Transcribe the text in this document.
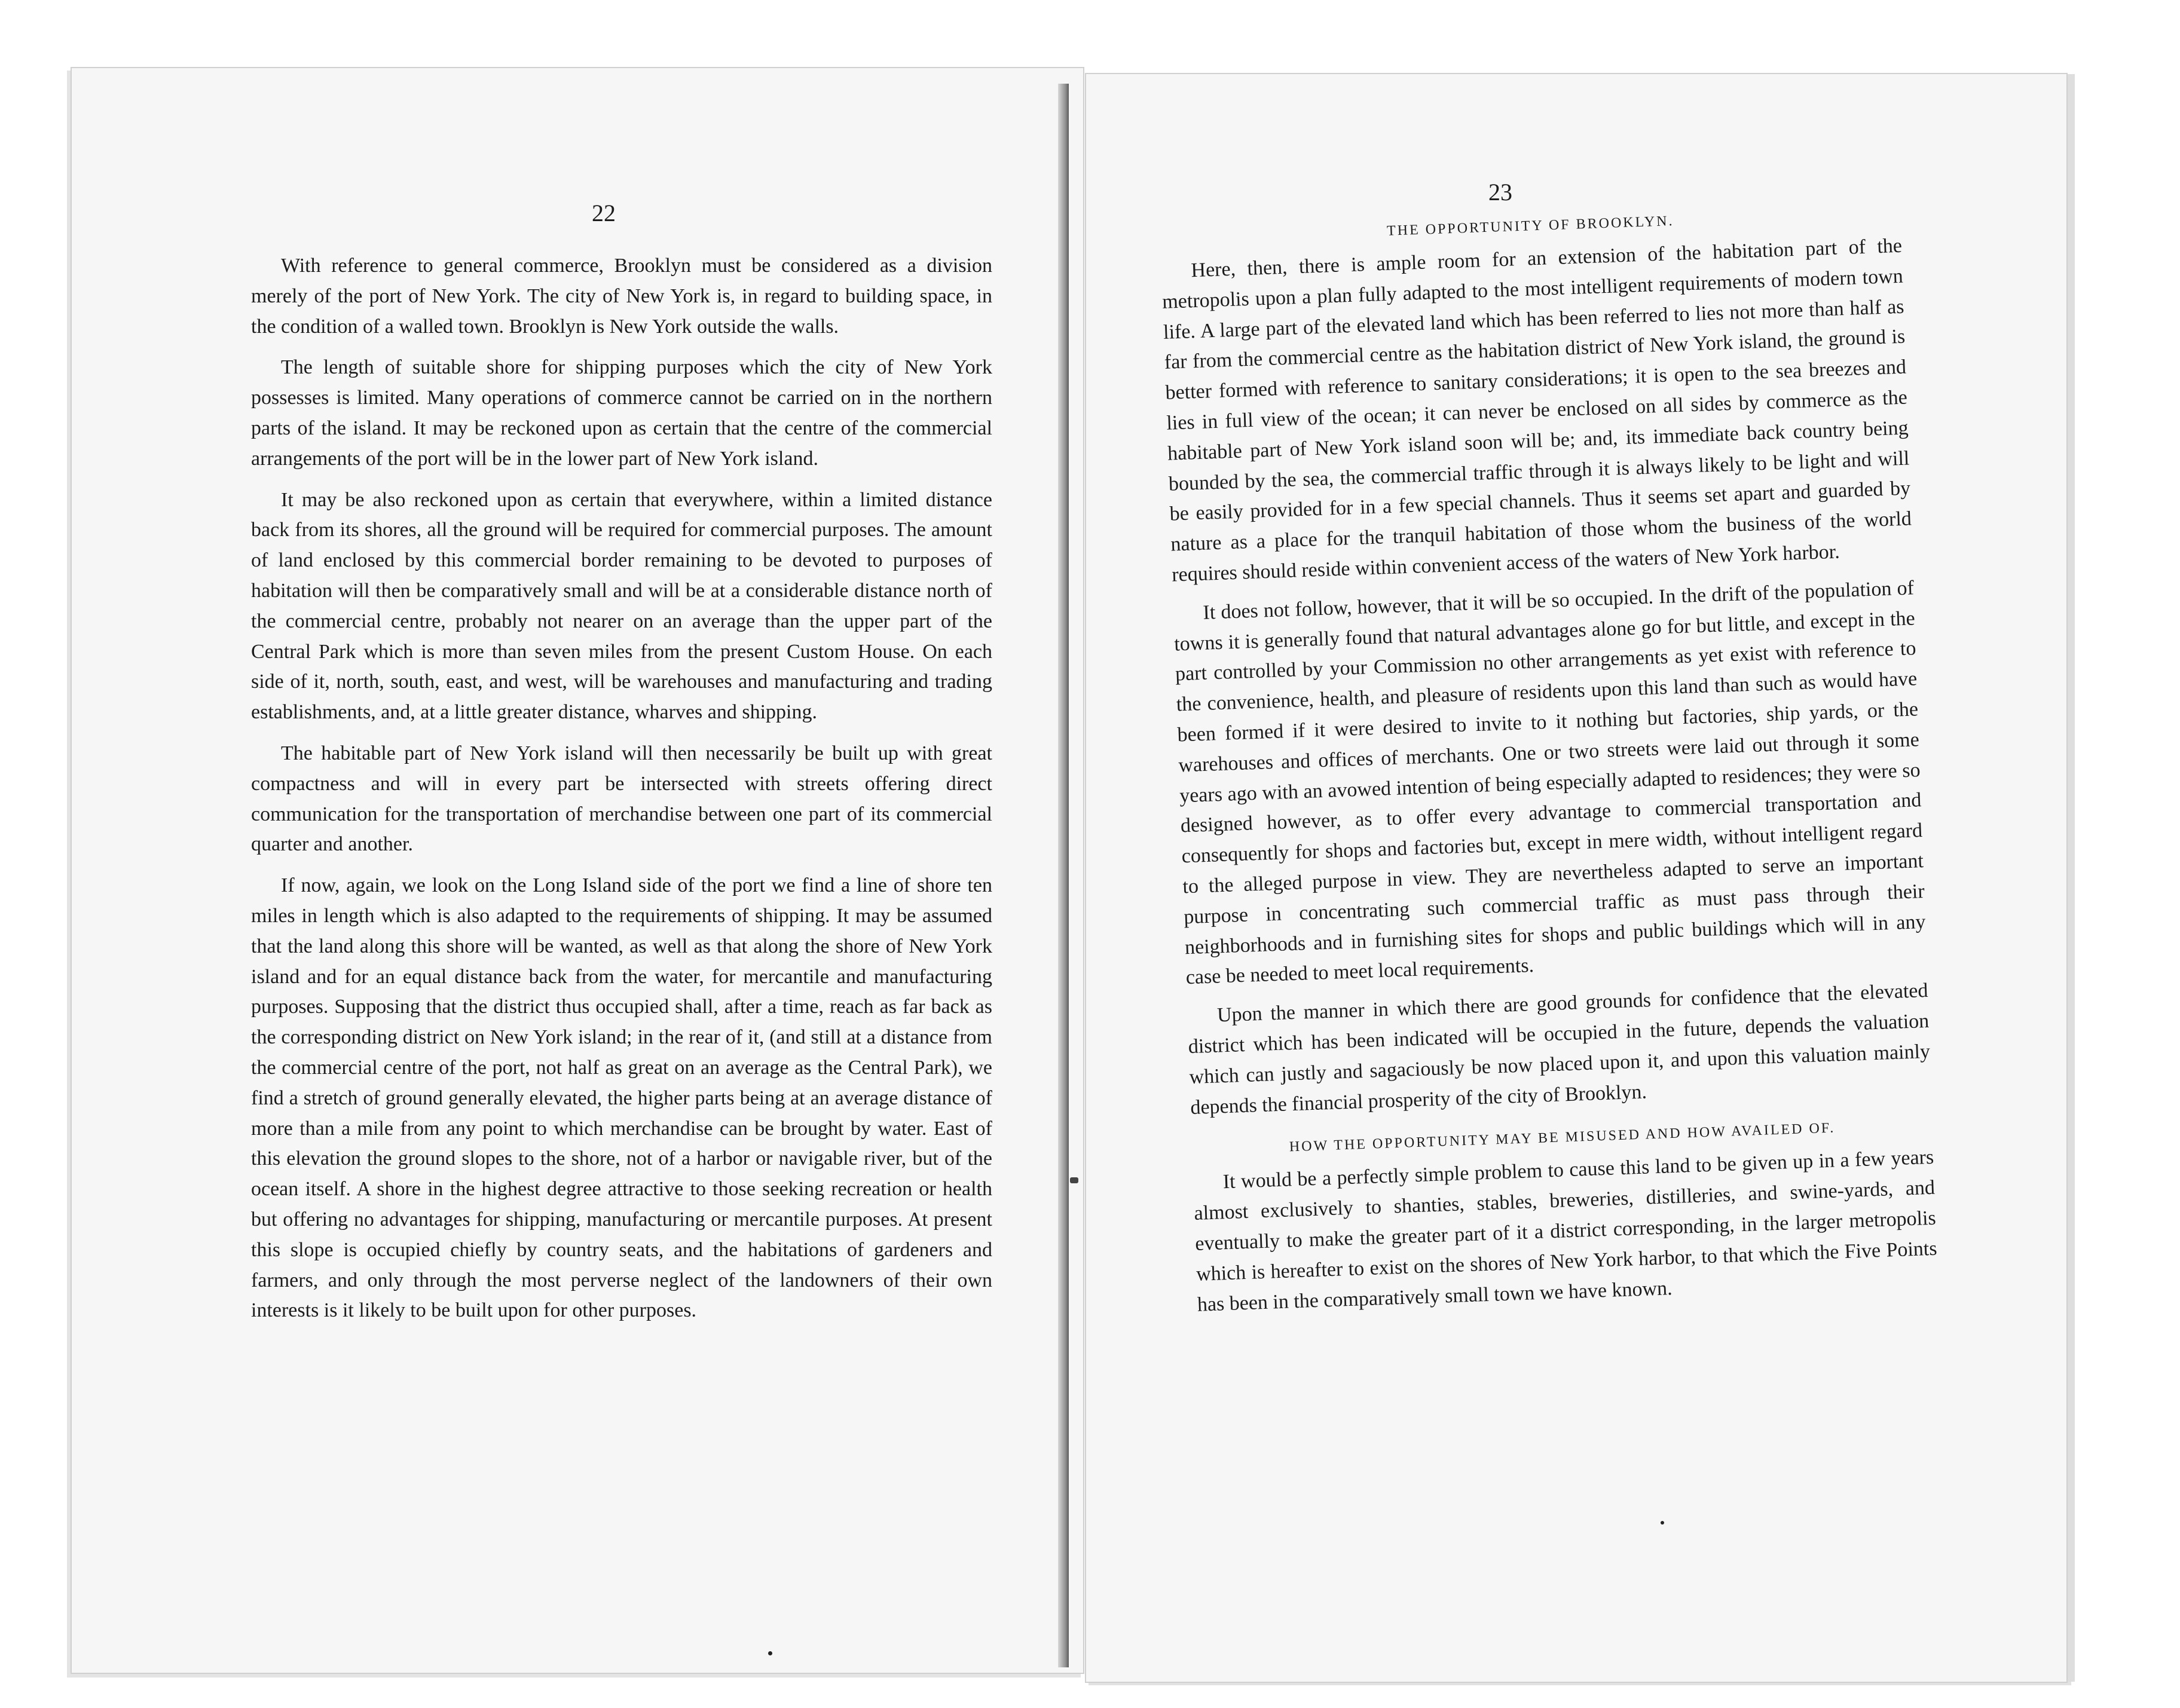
22

With reference to general commerce, Brooklyn must be considered as a division merely of the port of New York. The city of New York is, in regard to building space, in the condition of a walled town. Brooklyn is New York outside the walls.

The length of suitable shore for shipping purposes which the city of New York possesses is limited. Many operations of commerce cannot be carried on in the northern parts of the island. It may be reckoned upon as certain that the centre of the commercial arrangements of the port will be in the lower part of New York island.

It may be also reckoned upon as certain that everywhere, within a limited distance back from its shores, all the ground will be required for commercial purposes. The amount of land enclosed by this commercial border remaining to be devoted to purposes of habitation will then be comparatively small and will be at a considerable distance north of the commercial centre, probably not nearer on an average than the upper part of the Central Park which is more than seven miles from the present Custom House. On each side of it, north, south, east, and west, will be warehouses and manufacturing and trading establishments, and, at a little greater distance, wharves and shipping.

The habitable part of New York island will then necessarily be built up with great compactness and will in every part be intersected with streets offering direct communication for the transportation of merchandise between one part of its commercial quarter and another.

If now, again, we look on the Long Island side of the port we find a line of shore ten miles in length which is also adapted to the requirements of shipping. It may be assumed that the land along this shore will be wanted, as well as that along the shore of New York island and for an equal distance back from the water, for mercantile and manufacturing purposes. Supposing that the district thus occupied shall, after a time, reach as far back as the corresponding district on New York island; in the rear of it, (and still at a distance from the commercial centre of the port, not half as great on an average as the Central Park), we find a stretch of ground generally elevated, the higher parts being at an average distance of more than a mile from any point to which merchandise can be brought by water. East of this elevation the ground slopes to the shore, not of a harbor or navigable river, but of the ocean itself. A shore in the highest degree attractive to those seeking recreation or health but offering no advantages for shipping, manufacturing or mercantile purposes. At present this slope is occupied chiefly by country seats, and the habitations of gardeners and farmers, and only through the most perverse neglect of the landowners of their own interests is it likely to be built upon for other purposes.

23
THE OPPORTUNITY OF BROOKLYN.

Here, then, there is ample room for an extension of the habitation part of the metropolis upon a plan fully adapted to the most intelligent requirements of modern town life. A large part of the elevated land which has been referred to lies not more than half as far from the commercial centre as the habitation district of New York island, the ground is better formed with reference to sanitary considerations; it is open to the sea breezes and lies in full view of the ocean; it can never be enclosed on all sides by commerce as the habitable part of New York island soon will be; and, its immediate back country being bounded by the sea, the commercial traffic through it is always likely to be light and will be easily provided for in a few special channels. Thus it seems set apart and guarded by nature as a place for the tranquil habitation of those whom the business of the world requires should reside within convenient access of the waters of New York harbor.

It does not follow, however, that it will be so occupied. In the drift of the population of towns it is generally found that natural advantages alone go for but little, and except in the part controlled by your Commission no other arrangements as yet exist with reference to the convenience, health, and pleasure of residents upon this land than such as would have been formed if it were desired to invite to it nothing but factories, ship yards, or the warehouses and offices of merchants. One or two streets were laid out through it some years ago with an avowed intention of being especially adapted to residences; they were so designed however, as to offer every advantage to commercial transportation and consequently for shops and factories but, except in mere width, without intelligent regard to the alleged purpose in view. They are nevertheless adapted to serve an important purpose in concentrating such commercial traffic as must pass through their neighborhoods and in furnishing sites for shops and public buildings which will in any case be needed to meet local requirements.

Upon the manner in which there are good grounds for confidence that the elevated district which has been indicated will be occupied in the future, depends the valuation which can justly and sagaciously be now placed upon it, and upon this valuation mainly depends the financial prosperity of the city of Brooklyn.

HOW THE OPPORTUNITY MAY BE MISUSED AND HOW AVAILED OF.

It would be a perfectly simple problem to cause this land to be given up in a few years almost exclusively to shanties, stables, breweries, distilleries, and swine-yards, and eventually to make the greater part of it a district corresponding, in the larger metropolis which is hereafter to exist on the shores of New York harbor, to that which the Five Points has been in the comparatively small town we have known.
